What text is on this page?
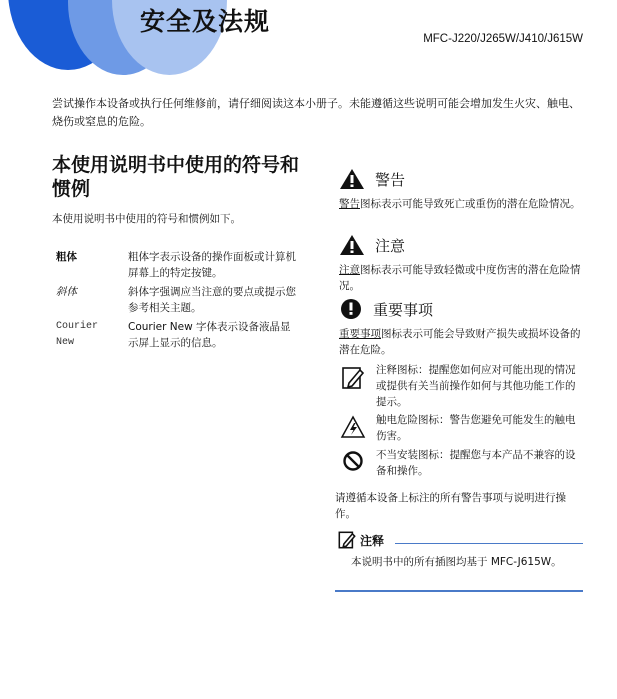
安全及法规
MFC-J220/J265W/J410/J615W

尝试操作本设备或执行任何维修前，请仔细阅读这本小册子。未能遵循这些说明可能会增加发生火灾、触电、烧伤或窒息的危险。

本使用说明书中使用的符号和惯例

本使用说明书中使用的符号和惯例如下。

粗体	粗体字表示设备的操作面板或计算机屏幕上的特定按键。
斜体	斜体字强调应当注意的要点或提示您参考相关主题。
Courier New
Courier New 字体表示设备液晶显示屏上显示的信息。
警告
警告图标表示可能导致死亡或重伤的潜在危险情况。
注意
注意图标表示可能导致轻微或中度伤害的潜在危险情况。
重要事项
重要事项图标表示可能会导致财产损失或损坏设备的潜在危险。
注释图标：提醒您如何应对可能出现的情况或提供有关当前操作如何与其他功能工作的提示。
触电危险图标：警告您避免可能发生的触电伤害。
不当安装图标：提醒您与本产品不兼容的设备和操作。

请遵循本设备上标注的所有警告事项与说明进行操作。

注释
本说明书中的所有插图均基于 MFC-J615W。
